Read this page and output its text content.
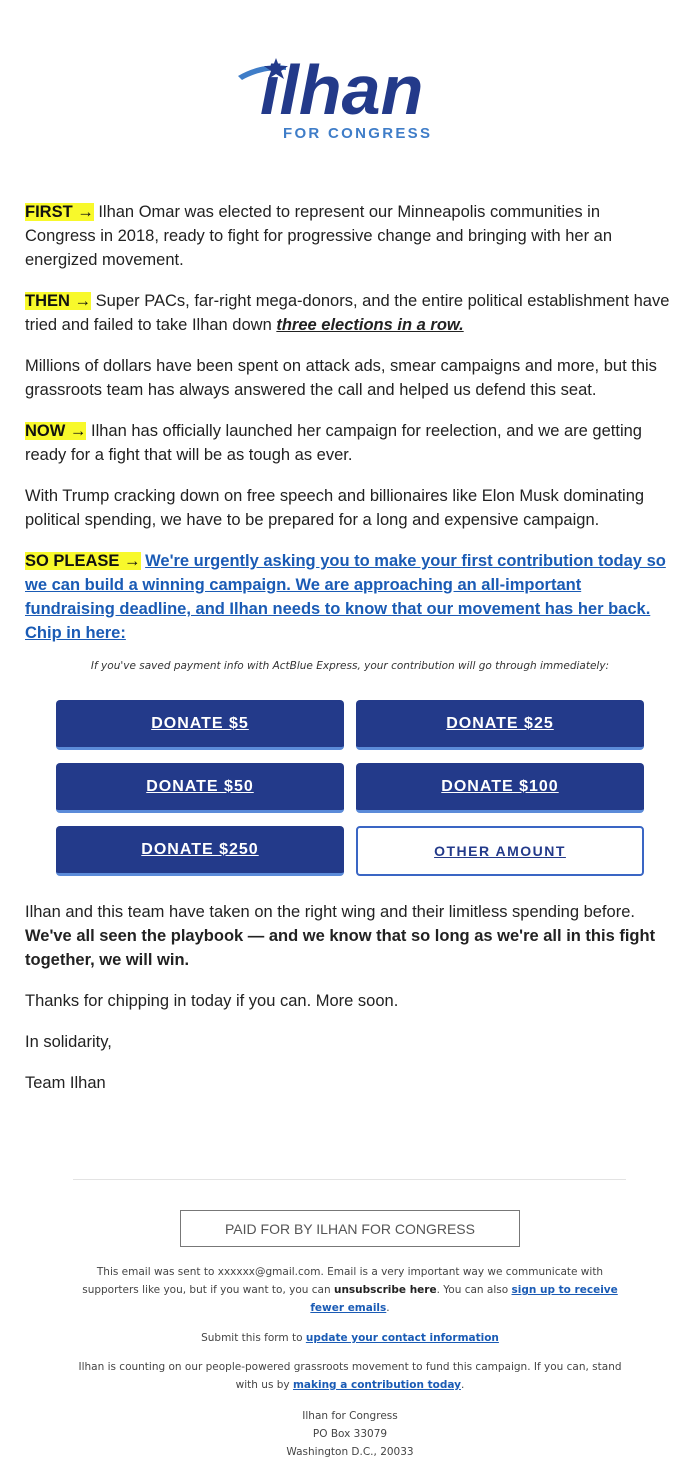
ilhan
FOR CONGRESS

FIRST → Ilhan Omar was elected to represent our Minneapolis communities in Congress in 2018, ready to fight for progressive change and bringing with her an energized movement.

THEN → Super PACs, far-right mega-donors, and the entire political establishment have tried and failed to take Ilhan down three elections in a row.

Millions of dollars have been spent on attack ads, smear campaigns and more, but this grassroots team has always answered the call and helped us defend this seat.

NOW → Ilhan has officially launched her campaign for reelection, and we are getting ready for a fight that will be as tough as ever.

With Trump cracking down on free speech and billionaires like Elon Musk dominating political spending, we have to be prepared for a long and expensive campaign.

SO PLEASE → We're urgently asking you to make your first contribution today so we can build a winning campaign. We are approaching an all-important fundraising deadline, and Ilhan needs to know that our movement has her back. Chip in here:

If you've saved payment info with ActBlue Express, your contribution will go through immediately:
DONATE $5	DONATE $25
DONATE $50	DONATE $100
DONATE $250	OTHER AMOUNT

Ilhan and this team have taken on the right wing and their limitless spending before. We've all seen the playbook — and we know that so long as we're all in this fight together, we will win.

Thanks for chipping in today if you can. More soon.

In solidarity,

Team Ilhan

PAID FOR BY ILHAN FOR CONGRESS
This email was sent to xxxxxx@gmail.com. Email is a very important way we communicate with supporters like you, but if you want to, you can unsubscribe here. You can also sign up to receive fewer emails.
Submit this form to update your contact information
Ilhan is counting on our people-powered grassroots movement to fund this campaign. If you can, stand with us by making a contribution today.
Ilhan for Congress
PO Box 33079
Washington D.C., 20033
